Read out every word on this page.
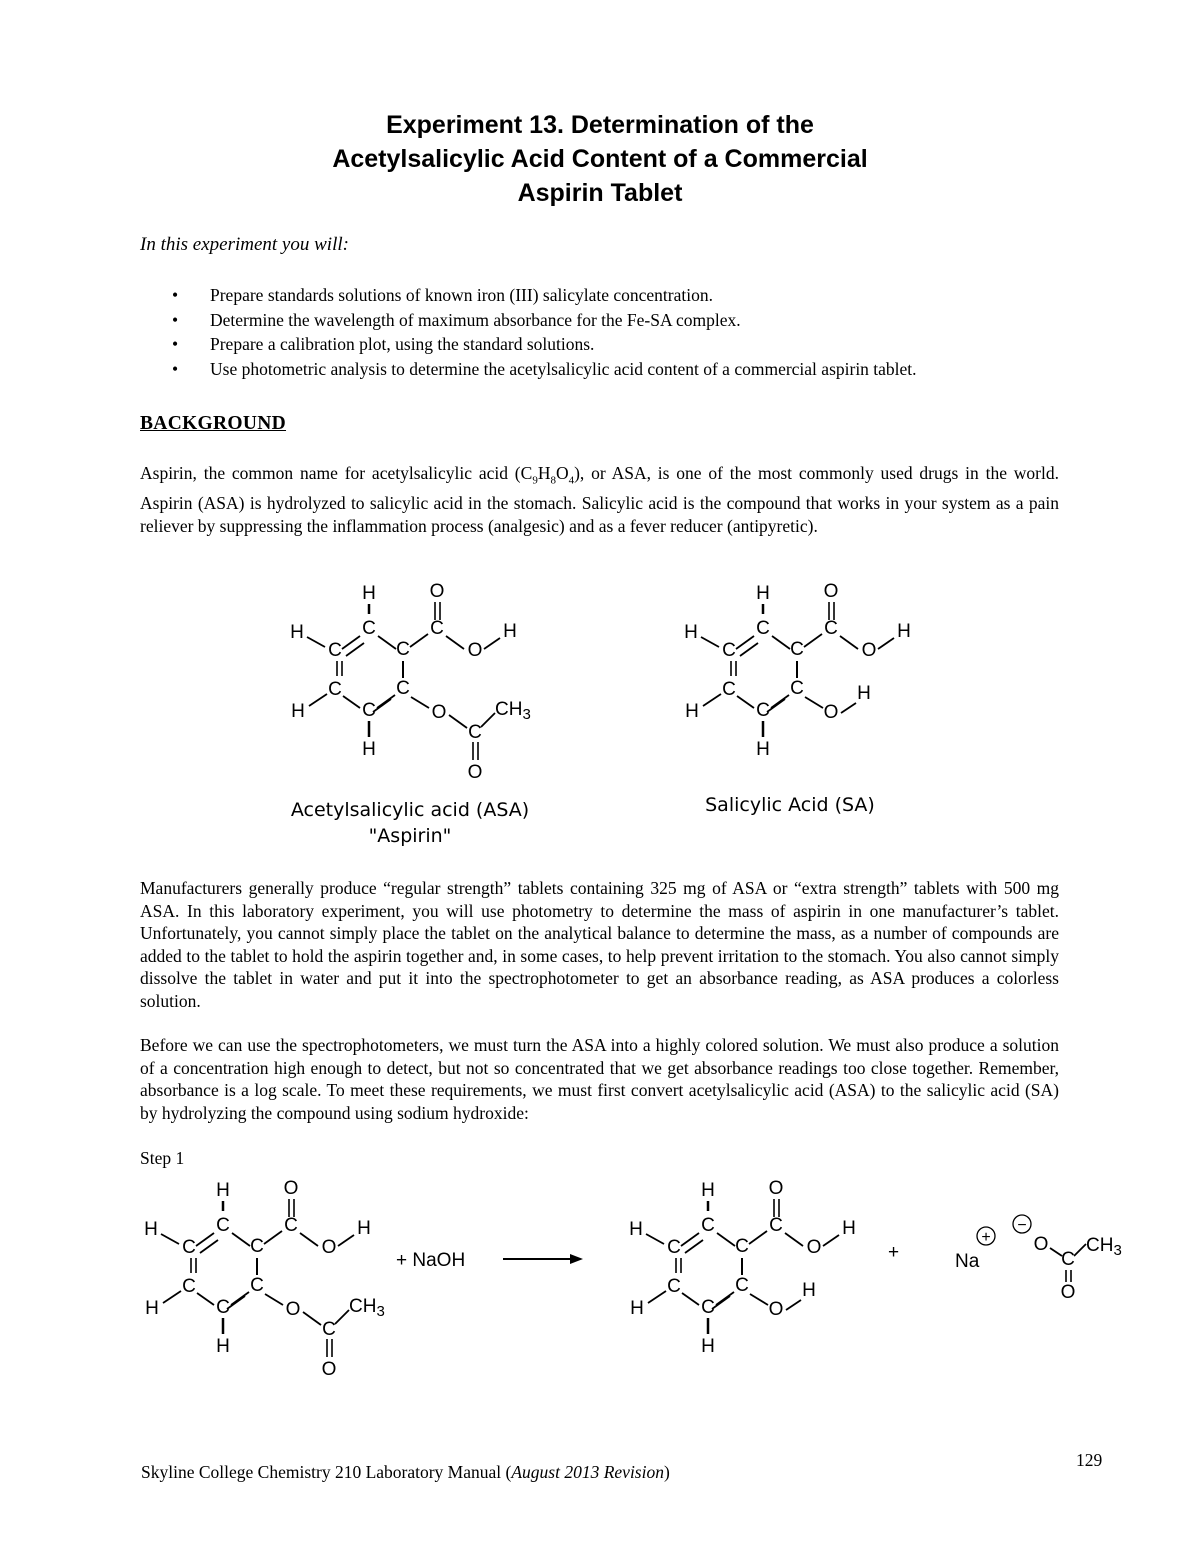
Experiment 13. Determination of the
Acetylsalicylic Acid Content of a Commercial
Aspirin Tablet
In this experiment you will:
• Prepare standards solutions of known iron (III) salicylate concentration.
• Determine the wavelength of maximum absorbance for the Fe-SA complex.
• Prepare a calibration plot, using the standard solutions.
• Use photometric analysis to determine the acetylsalicylic acid content of a commercial aspirin tablet.
BACKGROUND

Aspirin, the common name for acetylsalicylic acid $(C_9H_8O_4)$, or ASA, is one of the most commonly used drugs in the world. Aspirin (ASA) is hydrolyzed to salicylic acid in the stomach. Salicylic acid is the compound that works in your system as a pain reliever by suppressing the inflammation process (analgesic) and as a fever reducer (antipyretic).

H
H
C
C
C
C
C
C
H
H
C
O
O
H
O
C
$CH_3$
O
H
H
C
C
C
C
C
C
H
H
C
O
O
H
O
H
H
H
C
C
C
C
C
C
H
H
C
O
O
H
O
C
$CH_3$
O
H
H
C
C
C
C
C
C
H
H
C
O
O
H
O
H
O
C
$CH_3$
O
+ NaOH	+	Na
+
−
Acetylsalicylic acid (ASA)
"Aspirin"
Salicylic Acid (SA)

Manufacturers generally produce “regular strength” tablets containing 325 mg of ASA or “extra strength” tablets with 500 mg ASA. In this laboratory experiment, you will use photometry to determine the mass of aspirin in one manufacturer’s tablet. Unfortunately, you cannot simply place the tablet on the analytical balance to determine the mass, as a number of compounds are added to the tablet to hold the aspirin together and, in some cases, to help prevent irritation to the stomach. You also cannot simply dissolve the tablet in water and put it into the spectrophotometer to get an absorbance reading, as ASA produces a colorless solution.

Before we can use the spectrophotometers, we must turn the ASA into a highly colored solution. We must also produce a solution of a concentration high enough to detect, but not so concentrated that we get absorbance readings too close together. Remember, absorbance is a log scale. To meet these requirements, we must first convert acetylsalicylic acid (ASA) to the salicylic acid (SA) by hydrolyzing the compound using sodium hydroxide:

Step 1
129
Skyline College Chemistry 210 Laboratory Manual (August 2013 Revision)
